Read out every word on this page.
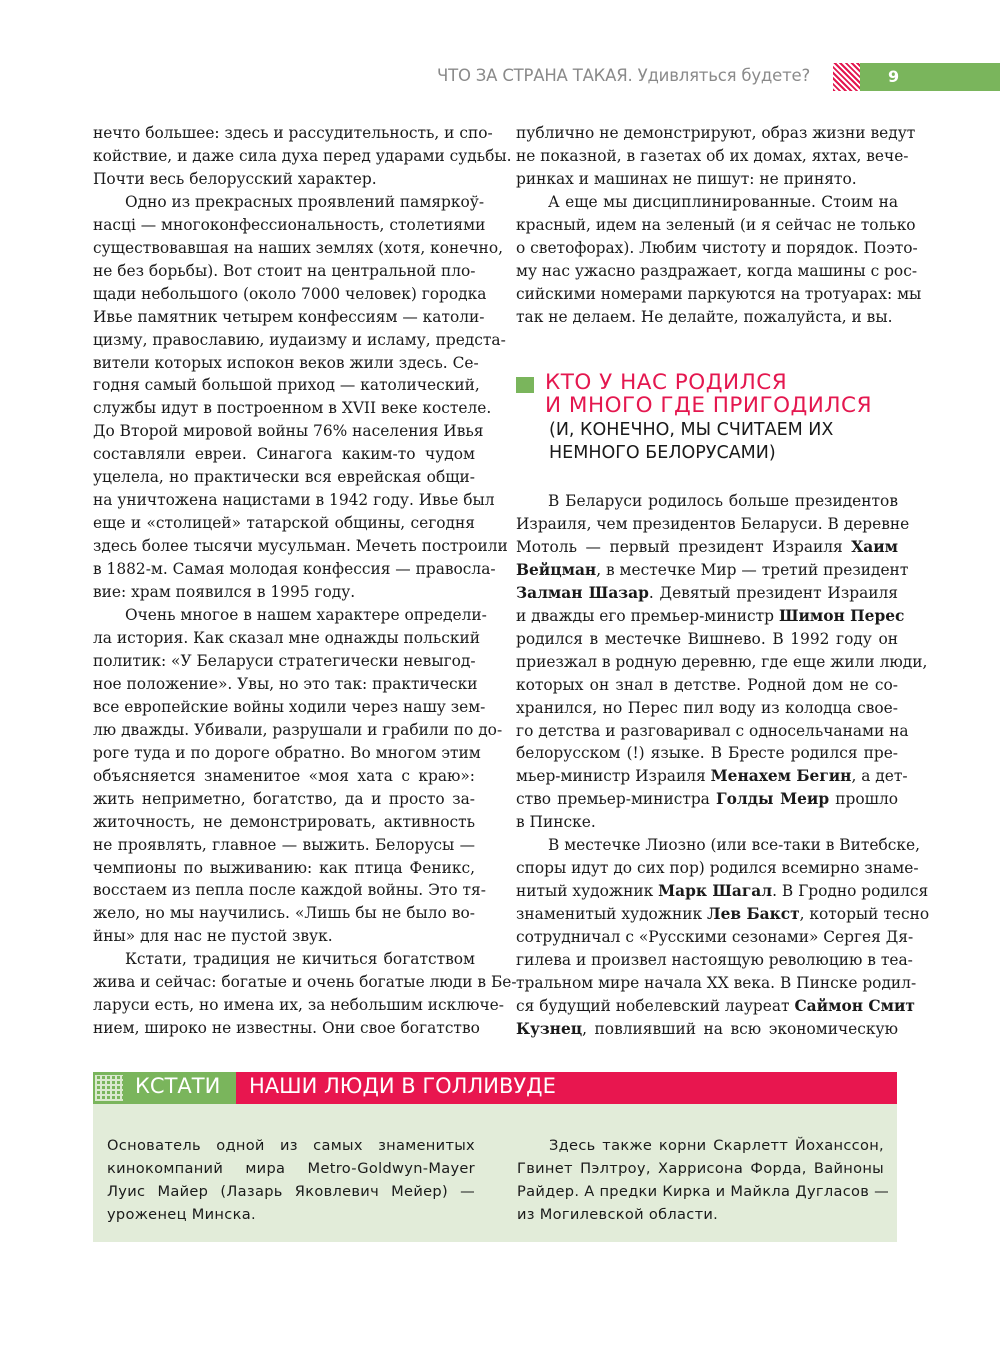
ЧТО ЗА СТРАНА ТАКАЯ. Удивляться будете?	9
нечто большее: здесь и рассудительность, и спо-
койствие, и даже сила духа перед ударами судьбы.
Почти весь белорусский характер.
Одно из прекрасных проявлений памяркоў-
насці — многоконфессиональность, столетиями
существовавшая на наших землях (хотя, конечно,
не без борьбы). Вот стоит на центральной пло-
щади небольшого (около 7000 человек) городка
Ивье памятник четырем конфессиям — католи-
цизму, православию, иудаизму и исламу, предста-
вители которых испокон веков жили здесь. Се-
годня самый большой приход — католический,
службы идут в построенном в XVII веке костеле.
До Второй мировой войны 76% населения Ивья
составляли евреи. Синагога каким-то чудом
уцелела, но практически вся еврейская общи-
на уничтожена нацистами в 1942 году. Ивье был
еще и «столицей» татарской общины, сегодня
здесь более тысячи мусульман. Мечеть построили
в 1882-м. Самая молодая конфессия — правосла-
вие: храм появился в 1995 году.
Очень многое в нашем характере определи-
ла история. Как сказал мне однажды польский
политик: «У Беларуси стратегически невыгод-
ное положение». Увы, но это так: практически
все европейские войны ходили через нашу зем-
лю дважды. Убивали, разрушали и грабили по до-
роге туда и по дороге обратно. Во многом этим
объясняется знаменитое «моя хата с краю»:
жить неприметно, богатство, да и просто за-
житочность, не демонстрировать, активность
не проявлять, главное — выжить. Белорусы —
чемпионы по выживанию: как птица Феникс,
восстаем из пепла после каждой войны. Это тя-
жело, но мы научились. «Лишь бы не было во-
йны» для нас не пустой звук.
Кстати, традиция не кичиться богатством
жива и сейчас: богатые и очень богатые люди в Бе-
ларуси есть, но имена их, за небольшим исключе-
нием, широко не известны. Они свое богатство
публично не демонстрируют, образ жизни ведут
не показной, в газетах об их домах, яхтах, вече-
ринках и машинах не пишут: не принято.
А еще мы дисциплинированные. Стоим на
красный, идем на зеленый (и я сейчас не только
о светофорах). Любим чистоту и порядок. Поэто-
му нас ужасно раздражает, когда машины с рос-
сийскими номерами паркуются на тротуарах: мы
так не делаем. Не делайте, пожалуйста, и вы.
КТО У НАС РОДИЛСЯ
И МНОГО ГДЕ ПРИГОДИЛСЯ
(И, КОНЕЧНО, МЫ СЧИТАЕМ ИХ
НЕМНОГО БЕЛОРУСАМИ)
В Беларуси родилось больше президентов
Израиля, чем президентов Беларуси. В деревне
Мотоль — первый президент Израиля Хаим
Вейцман, в местечке Мир — третий президент
Залман Шазар. Девятый президент Израиля
и дважды его премьер-министр Шимон Перес
родился в местечке Вишнево. В 1992 году он
приезжал в родную деревню, где еще жили люди,
которых он знал в детстве. Родной дом не со-
хранился, но Перес пил воду из колодца свое-
го детства и разговаривал с односельчанами на
белорусском (!) языке. В Бресте родился пре-
мьер-министр Израиля Менахем Бегин, а дет-
ство премьер-министра Голды Меир прошло
в Пинске.
В местечке Лиозно (или все-таки в Витебске,
споры идут до сих пор) родился всемирно знаме-
нитый художник Марк Шагал. В Гродно родился
знаменитый художник Лев Бакст, который тесно
сотрудничал с «Русскими сезонами» Сергея Дя-
гилева и произвел настоящую революцию в теа-
тральном мире начала XX века. В Пинске родил-
ся будущий нобелевский лауреат Саймон Смит
Кузнец, повлиявший на всю экономическую
КСТАТИ	НАШИ ЛЮДИ В ГОЛЛИВУДЕ
Основатель одной из самых знаменитых
кинокомпаний мира Metro-Goldwyn-Mayer
Луис Майер (Лазарь Яковлевич Мейер) —
уроженец Минска.
Здесь также корни Скарлетт Йоханссон,
Гвинет Пэлтроу, Харрисона Форда, Вайноны
Райдер. А предки Кирка и Майкла Дугласов —
из Могилевской области.
